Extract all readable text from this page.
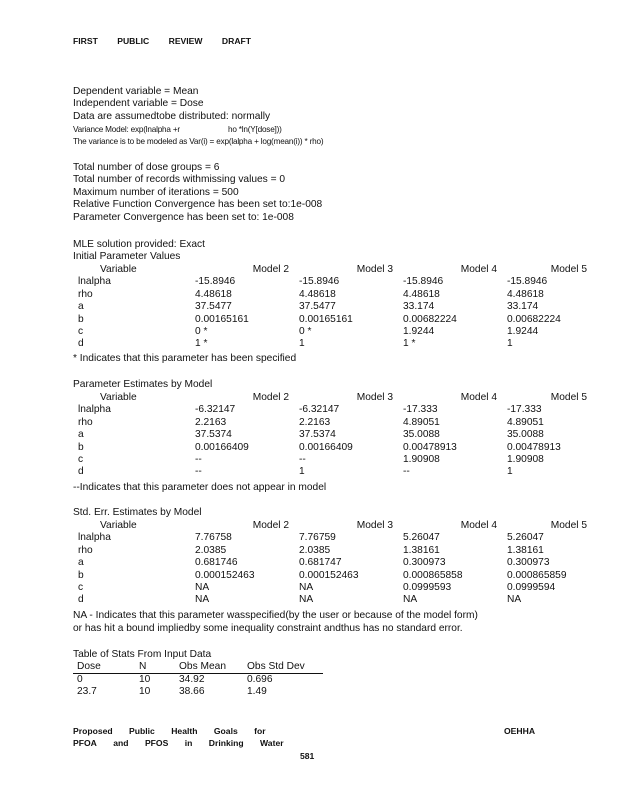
FIRST PUBLIC REVIEW DRAFT
Dependent variable = Mean
Independent variable = Dose
Data are assumedtobe distributed: normally
Variance Model: exp(lnalpha +r	ho *ln(Y[dose]))
The variance is to be modeled as Var(i) = exp(lalpha + log(mean(i)) * rho)
Total number of dose groups = 6
Total number of records withmissing values = 0
Maximum number of iterations = 500
Relative Function Convergence has been set to:1e-008
Parameter Convergence has been set to: 1e-008
MLE solution provided: Exact
Initial Parameter Values
Variable	Model 2	Model 3	Model 4	Model 5
lnalpha	-15.8946	-15.8946	-15.8946	-15.8946
rho	4.48618	4.48618	4.48618	4.48618
a	37.5477	37.5477	33.174	33.174
b	0.00165161	0.00165161	0.00682224	0.00682224
c	0 *	0 *	1.9244	1.9244
d	1 *	1	1 *	1
* Indicates that this parameter has been specified
Parameter Estimates by Model
Variable	Model 2	Model 3	Model 4	Model 5
lnalpha	-6.32147	-6.32147	-17.333	-17.333
rho	2.2163	2.2163	4.89051	4.89051
a	37.5374	37.5374	35.0088	35.0088
b	0.00166409	0.00166409	0.00478913	0.00478913
c	--	--	1.90908	1.90908
d	--	1	--	1
--Indicates that this parameter does not appear in model
Std. Err. Estimates by Model
Variable	Model 2	Model 3	Model 4	Model 5
lnalpha	7.76758	7.76759	5.26047	5.26047
rho	2.0385	2.0385	1.38161	1.38161
a	0.681746	0.681747	0.300973	0.300973
b	0.000152463	0.000152463	0.000865858	0.000865859
c	NA	NA	0.0999593	0.0999594
d	NA	NA	NA	NA
NA - Indicates that this parameter wasspecified(by the user or because of the model form)
or has hit a bound impliedby some inequality constraint andthus has no standard error.
Table of Stats From Input Data
Dose	N	Obs Mean	Obs Std Dev
0	10	34.92	0.696
23.7	10	38.66	1.49
Proposed Public Health Goals for
PFOA and PFOS in Drinking Water
OEHHA
581
